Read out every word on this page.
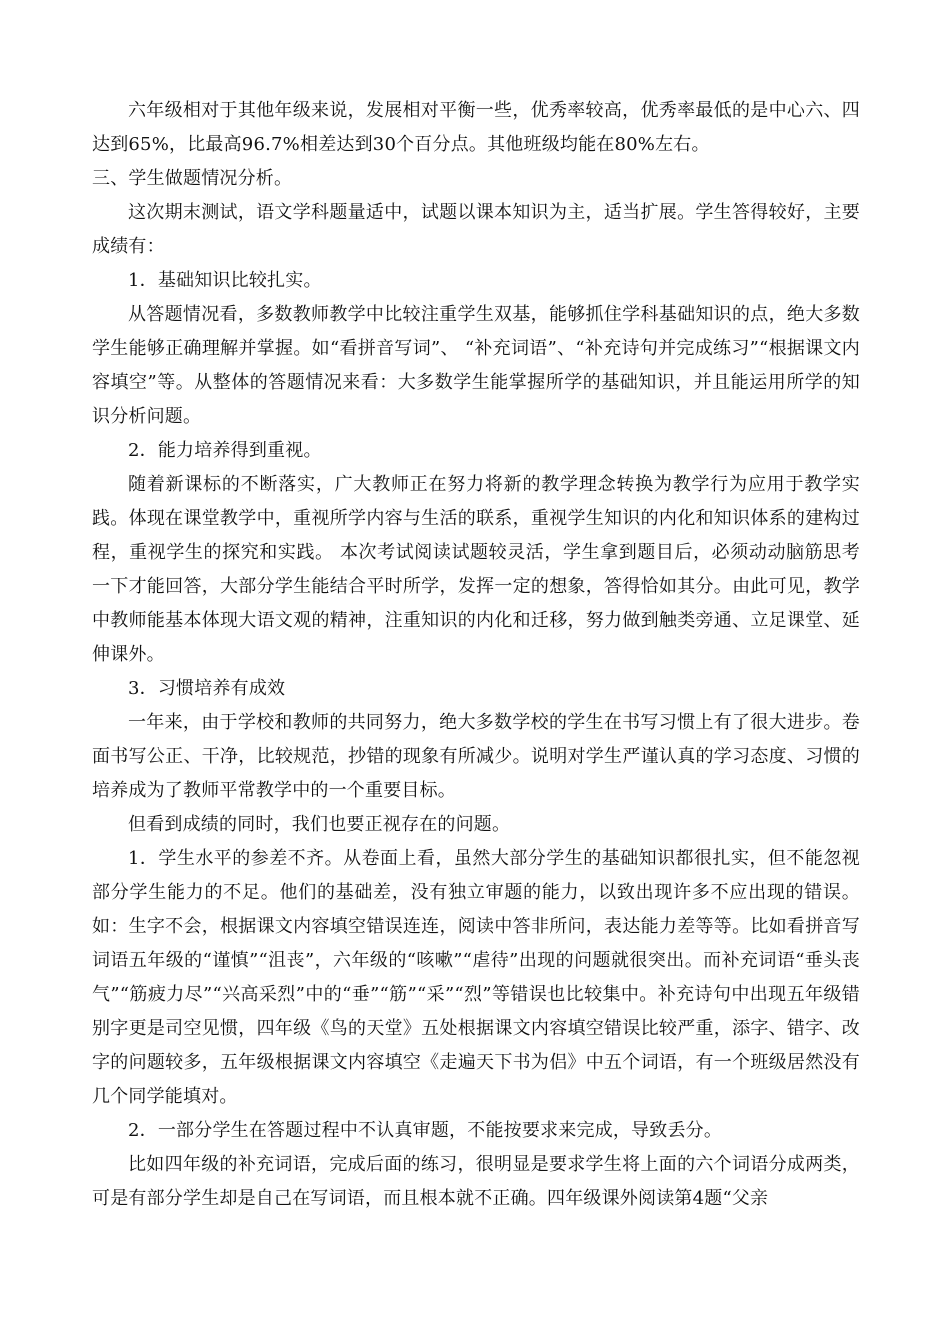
六年级相对于其他年级来说，发展相对平衡一些，优秀率较高，优秀率最低的是中心六、四达到65%，比最高96.7%相差达到30个百分点。其他班级均能在80%左右。

三、学生做题情况分析。

这次期末测试，语文学科题量适中，试题以课本知识为主，适当扩展。学生答得较好，主要成绩有：

1．基础知识比较扎实。

从答题情况看，多数教师教学中比较注重学生双基，能够抓住学科基础知识的点，绝大多数学生能够正确理解并掌握。如“看拼音写词”、 “补充词语”、“补充诗句并完成练习”“根据课文内容填空”等。从整体的答题情况来看：大多数学生能掌握所学的基础知识，并且能运用所学的知识分析问题。

2．能力培养得到重视。

随着新课标的不断落实，广大教师正在努力将新的教学理念转换为教学行为应用于教学实践。体现在课堂教学中，重视所学内容与生活的联系，重视学生知识的内化和知识体系的建构过程，重视学生的探究和实践。 本次考试阅读试题较灵活，学生拿到题目后，必须动动脑筋思考一下才能回答，大部分学生能结合平时所学，发挥一定的想象，答得恰如其分。由此可见，教学中教师能基本体现大语文观的精神，注重知识的内化和迁移，努力做到触类旁通、立足课堂、延伸课外。

3．习惯培养有成效

一年来，由于学校和教师的共同努力，绝大多数学校的学生在书写习惯上有了很大进步。卷面书写公正、干净，比较规范，抄错的现象有所减少。说明对学生严谨认真的学习态度、习惯的培养成为了教师平常教学中的一个重要目标。

但看到成绩的同时，我们也要正视存在的问题。

1．学生水平的参差不齐。从卷面上看，虽然大部分学生的基础知识都很扎实，但不能忽视部分学生能力的不足。他们的基础差，没有独立审题的能力，以致出现许多不应出现的错误。如：生字不会，根据课文内容填空错误连连，阅读中答非所问，表达能力差等等。比如看拼音写词语五年级的“谨慎”“沮丧”，六年级的“咳嗽”“虐待”出现的问题就很突出。而补充词语“垂头丧气”“筋疲力尽”“兴高采烈”中的“垂”“筋”“采”“烈”等错误也比较集中。补充诗句中出现五年级错别字更是司空见惯，四年级《鸟的天堂》五处根据课文内容填空错误比较严重，添字、错字、改字的问题较多，五年级根据课文内容填空《走遍天下书为侣》中五个词语，有一个班级居然没有几个同学能填对。

2．一部分学生在答题过程中不认真审题，不能按要求来完成，导致丢分。

比如四年级的补充词语，完成后面的练习，很明显是要求学生将上面的六个词语分成两类，可是有部分学生却是自己在写词语，而且根本就不正确。四年级课外阅读第4题“父亲
